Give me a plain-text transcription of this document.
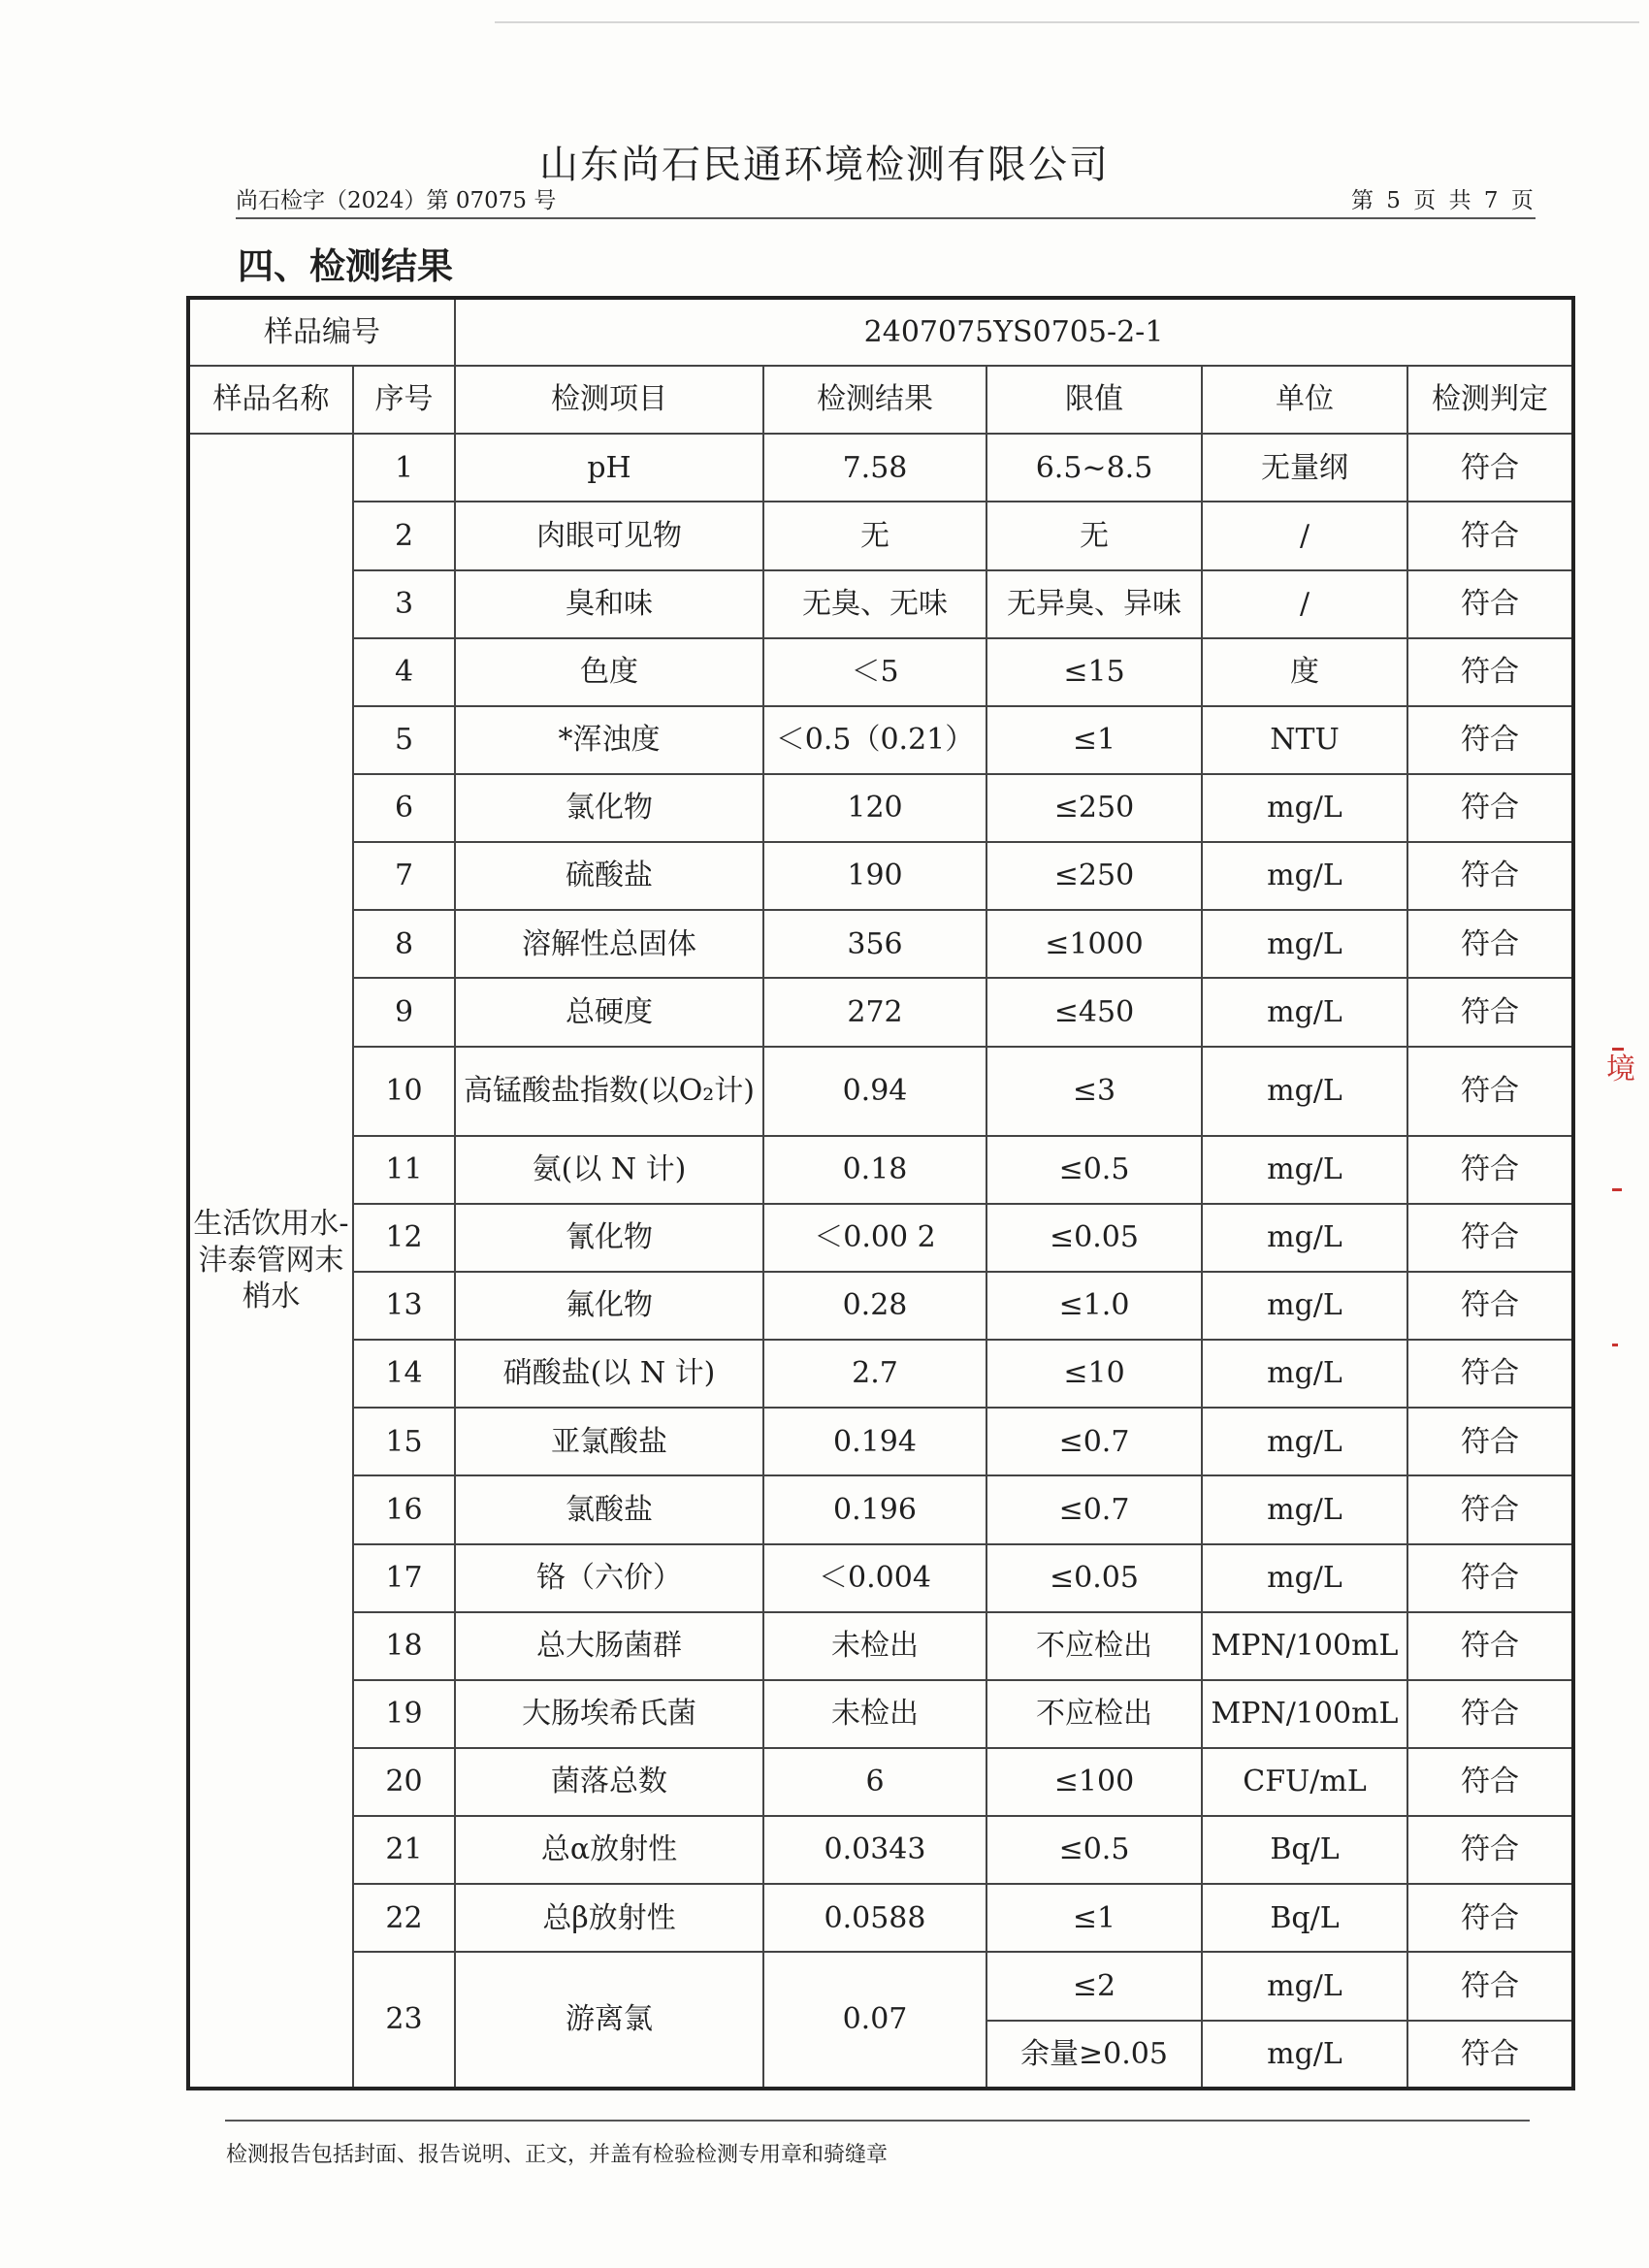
山东尚石民通环境检测有限公司
尚石检字（2024）第 07075 号	第 5 页 共 7 页
四、检测结果
样品编号		2407075YS0705-2-1				
样品名称	序号	检测项目	检测结果	限值	单位	检测判定
生活饮用水-沣泰管网末梢水	1	pH	7.58	6.5~8.5	无量纲	符合
	2	肉眼可见物	无	无	/	符合
	3	臭和味	无臭、无味	无异臭、异味	/	符合
	4	色度	＜5	≤15	度	符合
	5	*浑浊度	＜0.5（0.21）	≤1	NTU	符合
	6	氯化物	120	≤250	mg/L	符合
	7	硫酸盐	190	≤250	mg/L	符合
	8	溶解性总固体	356	≤1000	mg/L	符合
	9	总硬度	272	≤450	mg/L	符合
	10	高锰酸盐指数(以O₂计)	0.94	≤3	mg/L	符合
	11	氨(以 N 计)	0.18	≤0.5	mg/L	符合
	12	氰化物	＜0.00 2	≤0.05	mg/L	符合
	13	氟化物	0.28	≤1.0	mg/L	符合
	14	硝酸盐(以 N 计)	2.7	≤10	mg/L	符合
	15	亚氯酸盐	0.194	≤0.7	mg/L	符合
	16	氯酸盐	0.196	≤0.7	mg/L	符合
	17	铬（六价）	＜0.004	≤0.05	mg/L	符合
	18	总大肠菌群	未检出	不应检出	MPN/100mL	符合
	19	大肠埃希氏菌	未检出	不应检出	MPN/100mL	符合
	20	菌落总数	6	≤100	CFU/mL	符合
	21	总α放射性	0.0343	≤0.5	Bq/L	符合
	22	总β放射性	0.0588	≤1	Bq/L	符合
	23	游离氯	0.07	≤2	mg/L	符合
				余量≥0.05	mg/L	符合
检测报告包括封面、报告说明、正文，并盖有检验检测专用章和骑缝章
境
